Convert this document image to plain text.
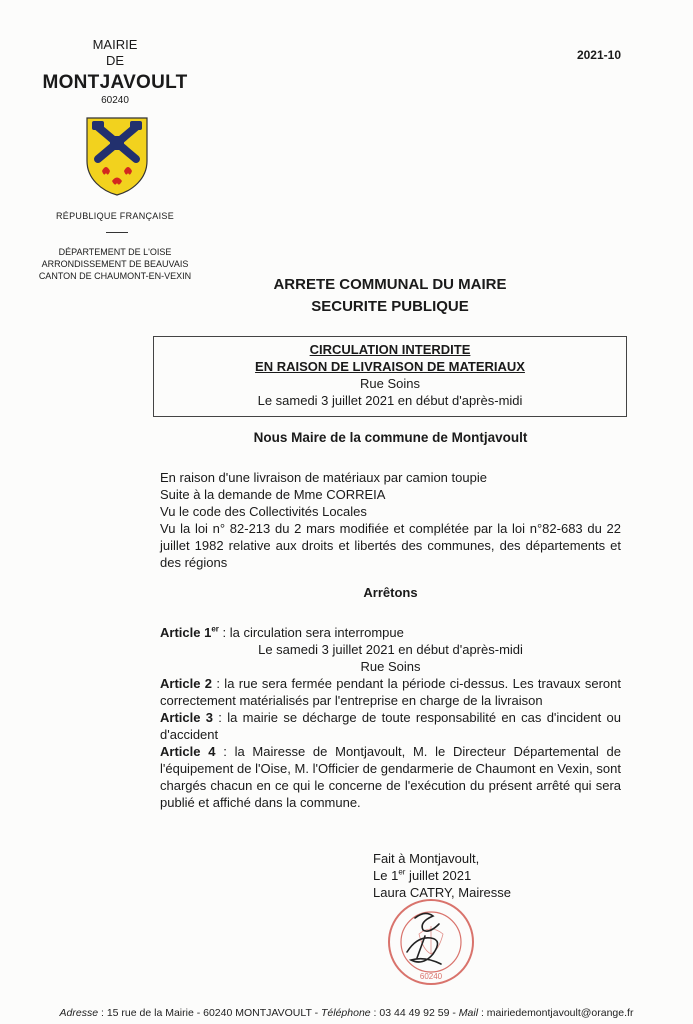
MAIRIE
DE
MONTJAVOULT
60240
RÉPUBLIQUE FRANÇAISE
DÉPARTEMENT DE L'OISE
ARRONDISSEMENT DE BEAUVAIS
CANTON DE CHAUMONT-EN-VEXIN
2021-10
ARRETE COMMUNAL DU MAIRE
SECURITE PUBLIQUE
CIRCULATION INTERDITE
EN RAISON DE LIVRAISON DE MATERIAUX
Rue Soins
Le samedi 3 juillet 2021 en début d'après-midi
Nous Maire de la commune de Montjavoult
En raison d'une livraison de matériaux par camion toupie
Suite à la demande de Mme CORREIA
Vu le code des Collectivités Locales
Vu la loi n° 82-213 du 2 mars modifiée et complétée par la loi n°82-683 du 22 juillet 1982 relative aux droits et libertés des communes, des départements et des régions
Arrêtons
Article 1er : la circulation sera interrompue
Le samedi 3 juillet 2021 en début d'après-midi
Rue Soins
Article 2 : la rue sera fermée pendant la période ci-dessus. Les travaux seront correctement matérialisés par l'entreprise en charge de la livraison
Article 3 : la mairie se décharge de toute responsabilité en cas d'incident ou d'accident
Article 4 : la Mairesse de Montjavoult, M. le Directeur Départemental de l'équipement de l'Oise, M. l'Officier de gendarmerie de Chaumont en Vexin, sont chargés chacun en ce qui le concerne de l'exécution du présent arrêté qui sera publié et affiché dans la commune.
Fait à Montjavoult,
Le 1er juillet 2021
Laura CATRY, Mairesse
60240
Adresse : 15 rue de la Mairie - 60240 MONTJAVOULT - Téléphone : 03 44 49 92 59 - Mail : mairiedemontjavoult@orange.fr
